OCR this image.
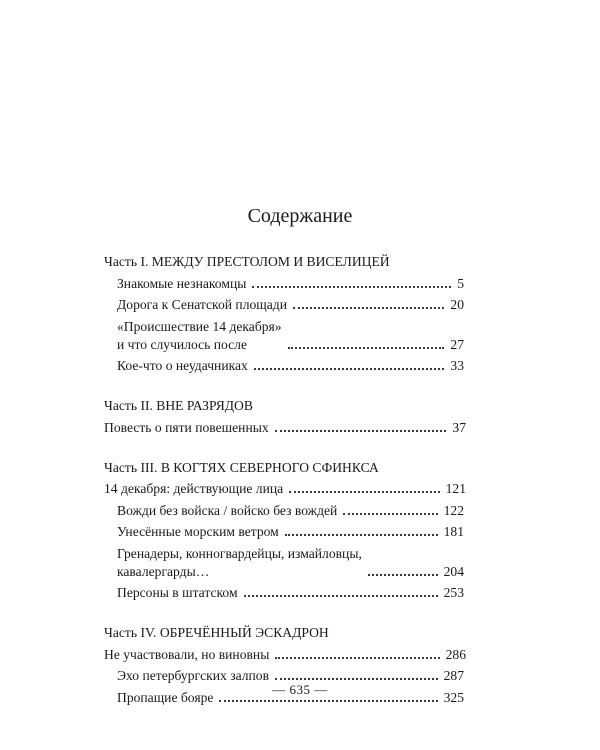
Содержание
Часть I. МЕЖДУ ПРЕСТОЛОМ И ВИСЕЛИЦЕЙ
Знакомые незнакомцы	5
Дорога к Сенатской площади	20
«Происшествие 14 декабря»
и что случилось после	27
Кое-что о неудачниках	33
Часть II. ВНЕ РАЗРЯДОВ
Повесть о пяти повешенных	37
Часть III. В КОГТЯХ СЕВЕРНОГО СФИНКСА
14 декабря: действующие лица	121
Вожди без войска / войско без вождей	122
Унесённые морским ветром	181
Гренадеры, конногвардейцы, измайловцы,
кавалергарды…	204
Персоны в штатском	253
Часть IV. ОБРЕЧЁННЫЙ ЭСКАДРОН
Не участвовали, но виновны	286
Эхо петербургских залпов	287
Пропащие бояре	325
— 635 —
